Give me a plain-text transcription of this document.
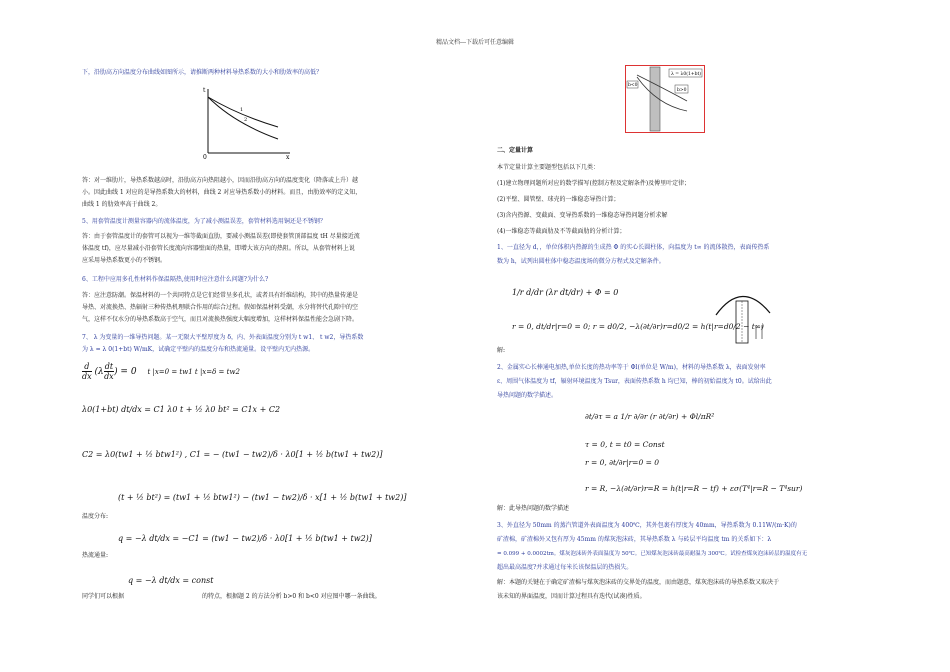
精品文档---下载后可任意编辑
下，沿肋高方向温度分布曲线如图所示，请推断两种材料导热系数的大小和肋效率的高低？
t
x
0
1
2
答：对一维肋片，导热系数越高时，沿肋高方向热阻越小，因而沿肋高方向的温度变化（降落或上升）越
小。因此曲线 1 对应的是导热系数大的材料，曲线 2 对应导热系数小的材料。而且，由肋效率的定义知，
曲线 1 的肋效率高于曲线 2。
5、用套管温度计测量容器内的流体温度，为了减小测温误差，套管材料选用铜还是不锈钢？
答：由于套管温度计的套管可以视为一维等截面直肋，要减小测温误差(即使套管顶部温度 tH 尽量接近流
体温度 tf)，应尽量减小沿套管长度流向容器壁面的热量，即增大该方向的热阻。所以，从套管材料上说
应采用导热系数更小的不锈钢。
6、工程中应用多孔性材料作保温隔热,使用时应注意什么问题?为什么?
答：应注意防潮。保温材料的一个共同特点是它们经常呈多孔状，或者具有纤维结构，其中的热量传递是
导热、对流换热、热辐射三种传热机理联合作用的综合过程。假如保温材料受潮，水分将替代孔隙中的空
气，这样不仅水分的导热系数高于空气，而且对流换热强度大幅度增加，这样材料保温性能会急剧下降。
7、 λ 为变量的一维导热问题。某一无限大平壁厚度为 δ，内、外表面温度分别为 t w1、 t w2，导热系数
为 λ = λ 0(1+bt) W/mK，试确定平壁内的温度分布和热流通量。设平壁内无内热源。
$\frac{d}{dx} (\lambda \frac{dt}{dx}$ ) = 0 t |x=0 = tw1 t |x=δ = tw2
λ0(1+bt) dt/dx = C1 λ0 t + ½ λ0 bt² = C1x + C2
C2 = λ0(tw1 + ½ btw1²) , C1 = − (tw1 − tw2)/δ · λ0[1 + ½ b(tw1 + tw2)]
(t + ½ bt²) = (tw1 + ½ btw1²) − (tw1 − tw2)/δ · x[1 + ½ b(tw1 + tw2)]
温度分布:
q = −λ dt/dx = −C1 = (tw1 − tw2)/δ · λ0[1 + ½ b(tw1 + tw2)]
热流通量:
q = −λ dt/dx = const
同学们可以根据	的特点，根据题 2 的方法分析 b>0 和 b<0 对应图中哪一条曲线。
λ = λ0(1+bt)
b<0
b>0
二、定量计算
本节定量计算主要题型包括以下几类：
(1)建立物理问题所对应的数学描写(控制方程及定解条件)及傅里叶定律；
(2)平壁、圆管壁、球壳的一维稳态导热计算；
(3)含内热源、变截面、变导热系数的一维稳态导热问题分析求解
(4)一维稳态等截面肋及不等截面肋的分析计算；
1、一直径为 d，，单位体积内热源的生成热 Φ 的实心长圆柱体，向温度为 t∞ 的流体散热，表面传热系
数为 h，试列出圆柱体中稳态温度场的微分方程式及定解条件。
1/r d/dr (λr dt/dr) + Φ = 0
r = 0, dt/dr|r=0 = 0; r = d0/2, −λ(∂t/∂r)r=d0/2 = h(t|r=d0/2 − t∞)
解:
2、金属实心长棒通电加热,单位长度的热功率等于 Φl(单位是 W/m)，材料的导热系数 λ，表面发射率
ε、周围气体温度为 tf，辐射环境温度为 Tsur，表面传热系数 h 均已知，棒的初始温度为 t0。试给出此
导热问题的数学描述。
∂t/∂τ = a 1/r ∂/∂r (r ∂t/∂r) + Φl/πR²
τ = 0, t = t0 = Const
r = 0, ∂t/∂r|r=0 = 0
r = R, −λ(∂t/∂r)r=R = h(t|r=R − tf) + εσ(T⁴|r=R − T⁴sur)
解：此导热问题的数学描述
3、外直径为 50mm 的蒸汽管道外表面温度为 400℃，其外包裹有厚度为 40mm，导热系数为 0.11W/(m·K)的
矿渣棉，矿渣棉外又包有厚为 45mm 的煤灰泡沫砖，其导热系数 λ 与砖层平均温度 tm 的关系如下：λ
= 0.099 + 0.0002tm。煤灰泡沫砖外表面温度为 50℃。已知煤灰泡沫砖最高耐温为 300℃。试检查煤灰泡沫砖层的温度有无
超出最高温度?并求通过每米长该保温层的热损失。
解：本题的关键在于确定矿渣棉与煤灰泡沫砖的交界处的温度，而由题意，煤灰泡沫砖的导热系数又取决于
该未知的界面温度，因而计算过程具有迭代(试凑)性质。
